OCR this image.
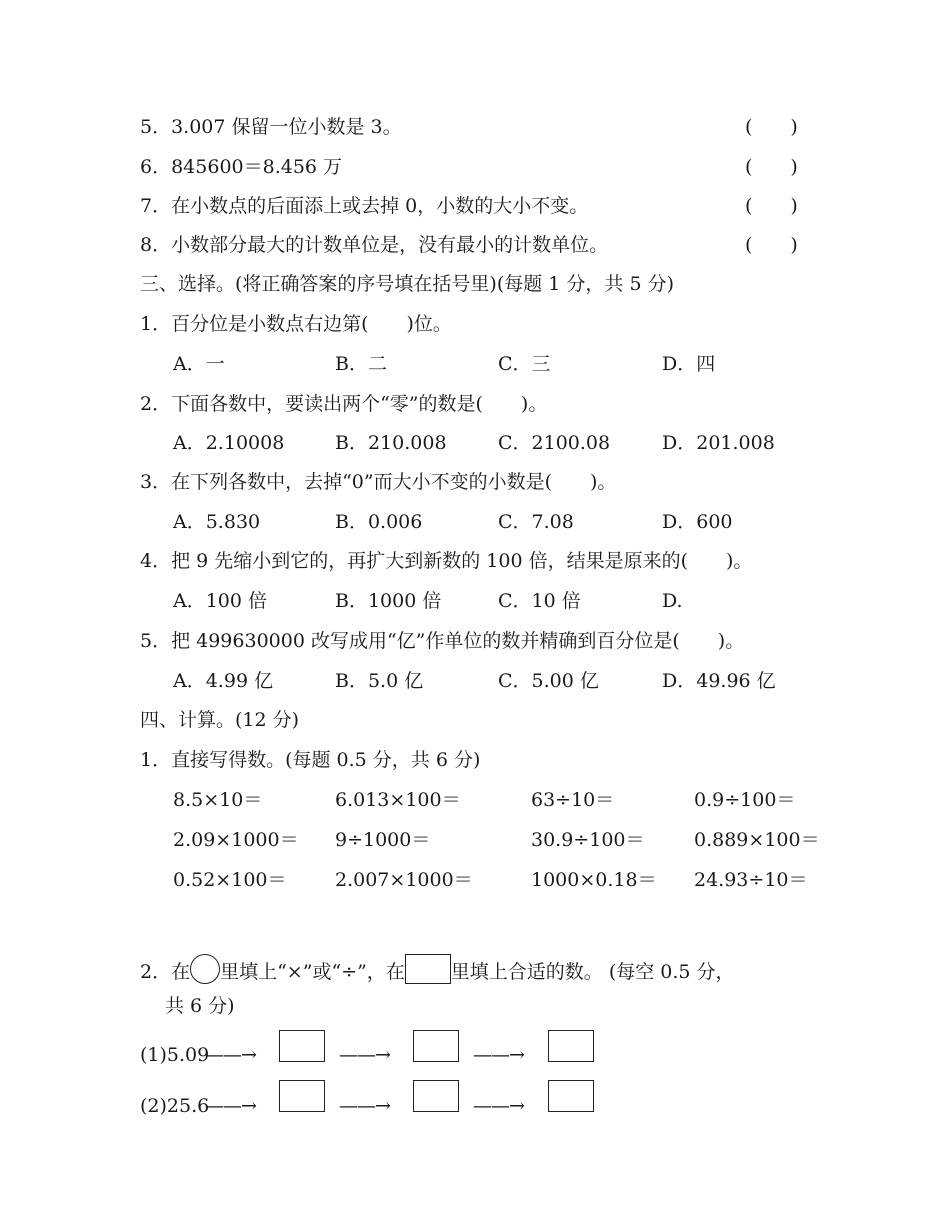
5．3.007 保留一位小数是 3。	(　　)
6．845600＝8.456 万	(　　)
7．在小数点的后面添上或去掉 0，小数的大小不变。	(　　)
8．小数部分最大的计数单位是，没有最小的计数单位。	(　　)
三、选择。(将正确答案的序号填在括号里)(每题 1 分，共 5 分)
1．百分位是小数点右边第(　　)位。
A．一	B．二	C．三	D．四
2．下面各数中，要读出两个“零”的数是(　　)。
A．2.10008	B．210.008	C．2100.08	D．201.008
3．在下列各数中，去掉“0”而大小不变的小数是(　　)。
A．5.830	B．0.006	C．7.08	D．600
4．把 9 先缩小到它的，再扩大到新数的 100 倍，结果是原来的(　　)。
A．100 倍	B．1000 倍	C．10 倍	D.
5．把 499630000 改写成用“亿”作单位的数并精确到百分位是(　　)。
A．4.99 亿	B．5.0 亿	C．5.00 亿	D．49.96 亿
四、计算。(12 分)
1．直接写得数。(每题 0.5 分，共 6 分)
8.5×10＝	6.013×100＝	63÷10＝	0.9÷100＝
2.09×1000＝ 9÷1000＝	30.9÷100＝	0.889×100＝
0.52×100＝	2.007×1000＝	1000×0.18＝ 24.93÷10＝
2．在 里填上“×”或“÷”，在 里填上合适的数。 (每空 0.5 分，
共 6 分)
(1)5.09
——→	——→	——→
(2)25.6
——→	——→	——→
